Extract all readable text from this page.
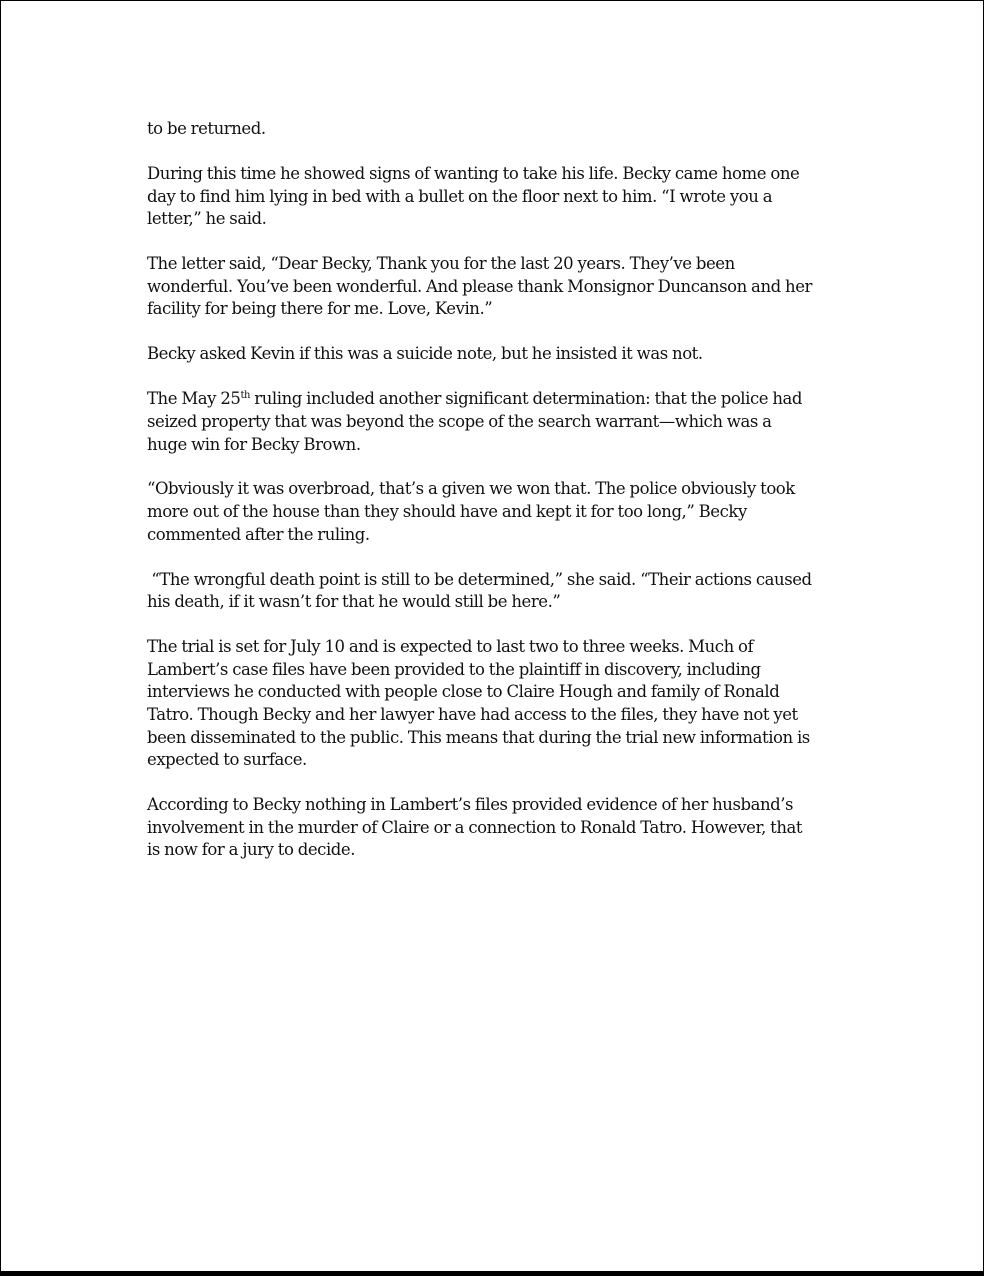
to be returned.

During this time he showed signs of wanting to take his life. Becky came home one
day to find him lying in bed with a bullet on the floor next to him. “I wrote you a
letter,” he said.

The letter said, “Dear Becky, Thank you for the last 20 years. They’ve been
wonderful. You’ve been wonderful. And please thank Monsignor Duncanson and her
facility for being there for me. Love, Kevin.”

Becky asked Kevin if this was a suicide note, but he insisted it was not.

The May 25th ruling included another significant determination: that the police had
seized property that was beyond the scope of the search warrant—which was a
huge win for Becky Brown.

“Obviously it was overbroad, that’s a given we won that. The police obviously took
more out of the house than they should have and kept it for too long,” Becky
commented after the ruling.

“The wrongful death point is still to be determined,” she said. “Their actions caused
his death, if it wasn’t for that he would still be here.”

The trial is set for July 10 and is expected to last two to three weeks. Much of
Lambert’s case files have been provided to the plaintiff in discovery, including
interviews he conducted with people close to Claire Hough and family of Ronald
Tatro. Though Becky and her lawyer have had access to the files, they have not yet
been disseminated to the public. This means that during the trial new information is
expected to surface.

According to Becky nothing in Lambert’s files provided evidence of her husband’s
involvement in the murder of Claire or a connection to Ronald Tatro. However, that
is now for a jury to decide.
